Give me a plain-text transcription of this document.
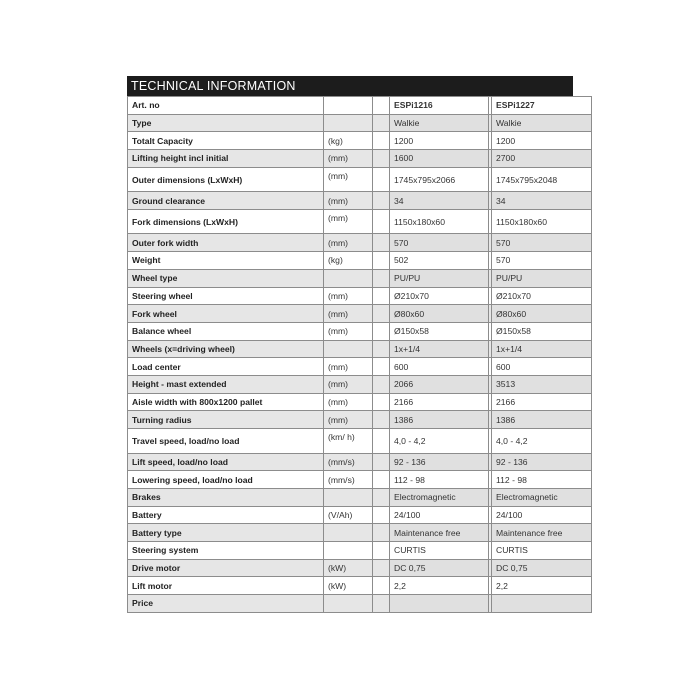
TECHNICAL INFORMATION
Art. no			ESPi1216		ESPi1227
Type			Walkie		Walkie
Totalt Capacity	(kg)		1200		1200
Lifting height incl initial	(mm)		1600		2700
Outer dimensions (LxWxH)	(mm)		1745x795x2066		1745x795x2048
Ground clearance	(mm)		34		34
Fork dimensions (LxWxH)	(mm)		1150x180x60		1150x180x60
Outer fork width	(mm)		570		570
Weight	(kg)		502		570
Wheel type			PU/PU		PU/PU
Steering wheel	(mm)		Ø210x70		Ø210x70
Fork wheel	(mm)		Ø80x60		Ø80x60
Balance wheel	(mm)		Ø150x58		Ø150x58
Wheels (x=driving wheel)			1x+1/4		1x+1/4
Load center	(mm)		600		600
Height - mast extended	(mm)		2066		3513
Aisle width with 800x1200 pallet	(mm)		2166		2166
Turning radius	(mm)		1386		1386
Travel speed, load/no load	(km/ h)		4,0 - 4,2		4,0 - 4,2
Lift speed, load/no load	(mm/s)		92 - 136		92 - 136
Lowering speed, load/no load	(mm/s)		112 - 98		112 - 98
Brakes			Electromagnetic		Electromagnetic
Battery	(V/Ah)		24/100		24/100
Battery type			Maintenance free		Maintenance free
Steering system			CURTIS		CURTIS
Drive motor	(kW)		DC 0,75		DC 0,75
Lift motor	(kW)		2,2		2,2
Price					
